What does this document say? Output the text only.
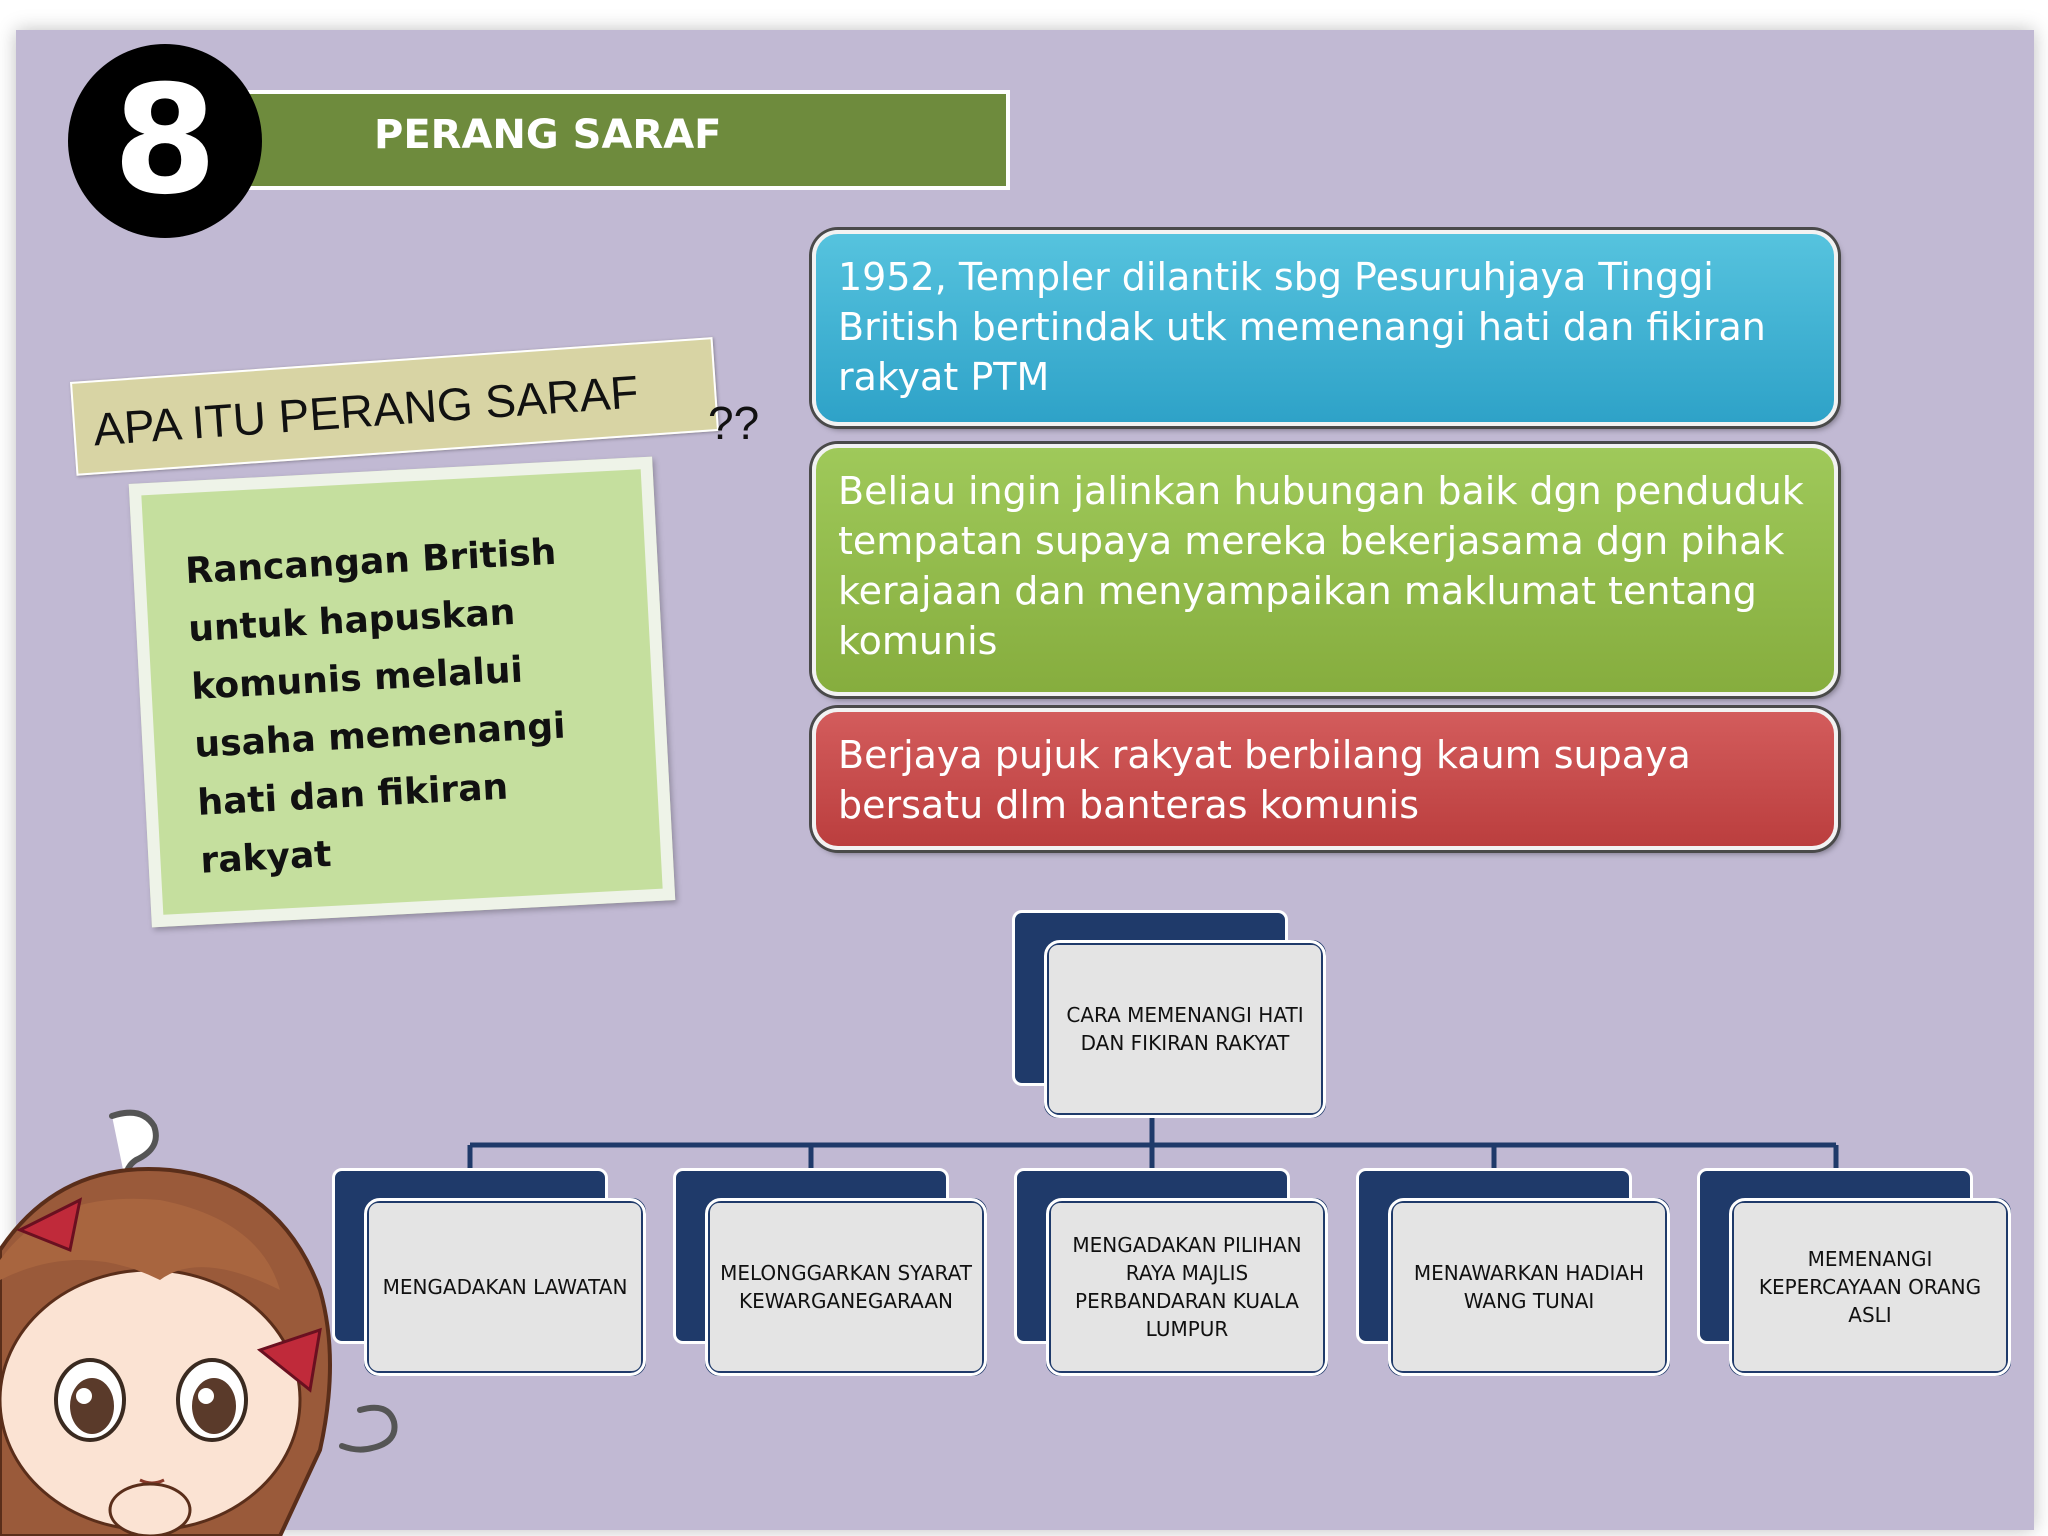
8	PERANG SARAF
Rancangan British untuk hapuskan komunis melalui usaha memenangi hati dan fikiran rakyat
APA ITU PERANG SARAF ??
1952, Templer dilantik sbg Pesuruhjaya Tinggi British bertindak utk memenangi hati dan fikiran rakyat PTM
Beliau ingin jalinkan hubungan baik dgn penduduk tempatan supaya mereka bekerjasama dgn pihak kerajaan dan menyampaikan maklumat tentang komunis
Berjaya pujuk rakyat berbilang kaum supaya bersatu dlm banteras komunis
CARA MEMENANGI HATI DAN FIKIRAN RAKYAT
MENGADAKAN LAWATAN
MELONGGARKAN SYARAT KEWARGANEGARAAN
MENGADAKAN PILIHAN RAYA MAJLIS PERBANDARAN KUALA LUMPUR
MENAWARKAN HADIAH WANG TUNAI
MEMENANGI KEPERCAYAAN ORANG ASLI
